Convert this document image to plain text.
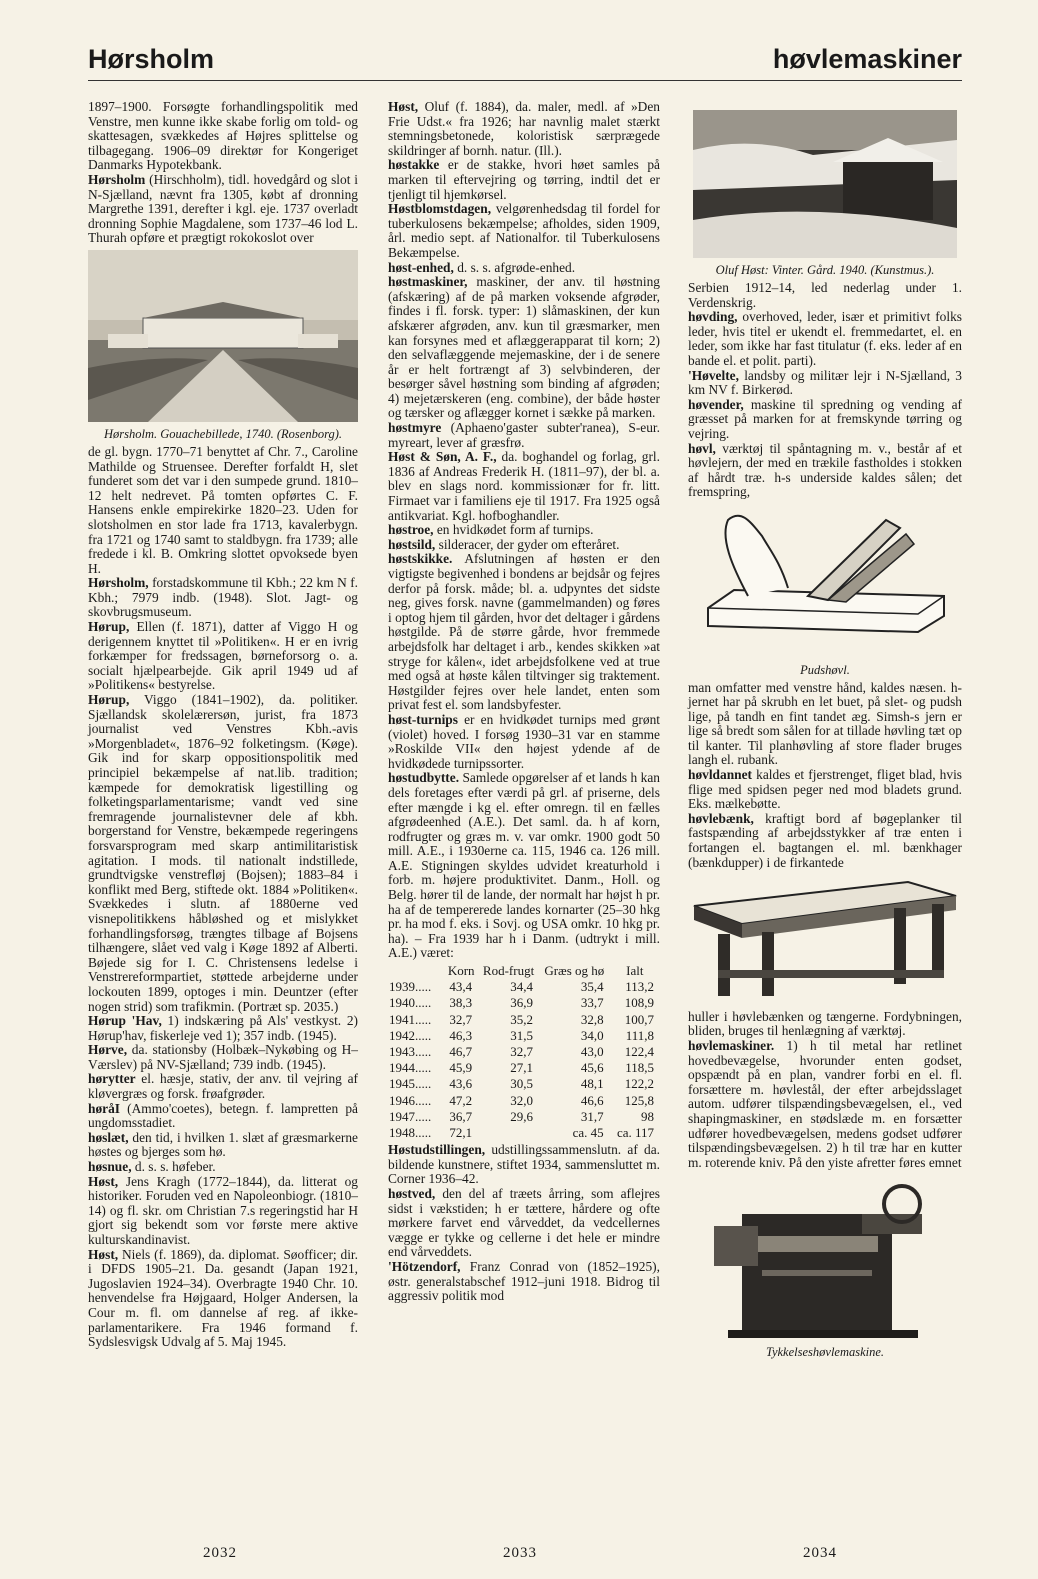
Hørsholm	høvlemaskiner

1897–1900. Forsøgte forhandlingspolitik med Venstre, men kunne ikke skabe forlig om told- og skattesagen, svækkedes af Højres splittelse og tilbagegang. 1906–09 direktør for Kongeriget Danmarks Hypotekbank.

Hørsholm (Hirschholm), tidl. hovedgård og slot i N-Sjælland, nævnt fra 1305, købt af dronning Margrethe 1391, derefter i kgl. eje. 1737 overladt dronning Sophie Magdalene, som 1737–46 lod L. Thurah opføre et prægtigt rokokoslot over

Hørsholm. Gouachebillede, 1740. (Rosenborg).

de gl. bygn. 1770–71 benyttet af Chr. 7., Caroline Mathilde og Struensee. Derefter forfaldt H, slet funderet som det var i den sumpede grund. 1810–12 helt nedrevet. På tomten opførtes C. F. Hansens enkle empirekirke 1820–23. Uden for slotsholmen en stor lade fra 1713, kavalerbygn. fra 1721 og 1740 samt to staldbygn. fra 1739; alle fredede i kl. B. Omkring slottet opvoksede byen H.

Hørsholm, forstadskommune til Kbh.; 22 km N f. Kbh.; 7979 indb. (1948). Slot. Jagt- og skovbrugsmuseum.

Hørup, Ellen (f. 1871), datter af Viggo H og derigennem knyttet til »Politiken«. H er en ivrig forkæmper for fredssagen, børneforsorg o. a. socialt hjælpearbejde. Gik april 1949 ud af »Politikens« bestyrelse.

Hørup, Viggo (1841–1902), da. politiker. Sjællandsk skolelærersøn, jurist, fra 1873 journalist ved Venstres Kbh.-avis »Morgenbladet«, 1876–92 folketingsm. (Køge). Gik ind for skarp oppositionspolitik med principiel bekæmpelse af nat.lib. tradition; kæmpede for demokratisk ligestilling og folketingsparlamentarisme; vandt ved sine fremragende journalistevner dele af kbh. borgerstand for Venstre, bekæmpede regeringens forsvarsprogram med skarp antimilitaristisk agitation. I mods. til nationalt indstillede, grundtvigske venstrefløj (Bojsen); 1883–84 i konflikt med Berg, stiftede okt. 1884 »Politiken«. Svækkedes i slutn. af 1880erne ved visnepolitikkens håbløshed og et mislykket forhandlingsforsøg, trængtes tilbage af Bojsens tilhængere, slået ved valg i Køge 1892 af Alberti. Bøjede sig for I. C. Christensens ledelse i Venstrereformpartiet, støttede arbejderne under lockouten 1899, optoges i min. Deuntzer (efter nogen strid) som trafikmin. (Portræt sp. 2035.)

Hørup 'Hav, 1) indskæring på Als' vestkyst. 2) Hørup'hav, fiskerleje ved 1); 357 indb. (1945).

Hørve, da. stationsby (Holbæk–Nykøbing og H–Værslev) på NV-Sjælland; 739 indb. (1945).

hørytter el. hæsje, stativ, der anv. til vejring af kløvergræs og forsk. frøafgrøder.

høråI (Ammo'coetes), betegn. f. lampretten på ungdomsstadiet.

høslæt, den tid, i hvilken 1. slæt af græsmarkerne høstes og bjerges som hø.

høsnue, d. s. s. høfeber.

Høst, Jens Kragh (1772–1844), da. litterat og historiker. Foruden ved en Napoleonbiogr. (1810–14) og fl. skr. om Christian 7.s regeringstid har H gjort sig bekendt som vor første mere aktive kulturskandinavist.

Høst, Niels (f. 1869), da. diplomat. Søofficer; dir. i DFDS 1905–21. Da. gesandt (Japan 1921, Jugoslavien 1924–34). Overbragte 1940 Chr. 10. henvendelse fra Højgaard, Holger Andersen, la Cour m. fl. om dannelse af reg. af ikke-parlamentarikere. Fra 1946 formand f. Sydslesvigsk Udvalg af 5. Maj 1945.

Høst, Oluf (f. 1884), da. maler, medl. af »Den Frie Udst.« fra 1926; har navnlig malet stærkt stemningsbetonede, koloristisk særprægede skildringer af bornh. natur. (Ill.).

høstakke er de stakke, hvori høet samles på marken til eftervejring og tørring, indtil det er tjenligt til hjemkørsel.

Høstblomstdagen, velgørenhedsdag til fordel for tuberkulosens bekæmpelse; afholdes, siden 1909, årl. medio sept. af Nationalfor. til Tuberkulosens Bekæmpelse.

høst-enhed, d. s. s. afgrøde-enhed.

høstmaskiner, maskiner, der anv. til høstning (afskæring) af de på marken voksende afgrøder, findes i fl. forsk. typer: 1) slåmaskinen, der kun afskærer afgrøden, anv. kun til græsmarker, men kan forsynes med et aflæggerapparat til korn; 2) den selvaflæggende mejemaskine, der i de senere år er helt fortrængt af 3) selvbinderen, der besørger såvel høstning som binding af afgrøden; 4) mejetærskeren (eng. combine), der både høster og tærsker og aflægger kornet i sække på marken.

høstmyre (Aphaeno'gaster subter'ranea), S-eur. myreart, lever af græsfrø.

Høst & Søn, A. F., da. boghandel og forlag, grl. 1836 af Andreas Frederik H. (1811–97), der bl. a. blev en slags nord. kommissionær for fr. litt. Firmaet var i familiens eje til 1917. Fra 1925 også antikvariat. Kgl. hofboghandler.

høstroe, en hvidkødet form af turnips.

høstsild, silderacer, der gyder om efteråret.

høstskikke. Afslutningen af høsten er den vigtigste begivenhed i bondens ar bejdsår og fejres derfor på forsk. måde; bl. a. udpyntes det sidste neg, gives forsk. navne (gammelmanden) og føres i optog hjem til gården, hvor det deltager i gårdens høstgilde. På de større gårde, hvor fremmede arbejdsfolk har deltaget i arb., kendes skikken »at stryge for kålen«, idet arbejdsfolkene ved at true med også at høste kålen tiltvinger sig traktement. Høstgilder fejres over hele landet, enten som privat fest el. som landsbyfester.

høst-turnips er en hvidkødet turnips med grønt (violet) hoved. I forsøg 1930–31 var en stamme »Roskilde VII« den højest ydende af de hvidkødede turnipssorter.

høstudbytte. Samlede opgørelser af et lands h kan dels foretages efter værdi på grl. af priserne, dels efter mængde i kg el. efter omregn. til en fælles afgrødeenhed (A.E.). Det saml. da. h af korn, rodfrugter og græs m. v. var omkr. 1900 godt 50 mill. A.E., i 1930erne ca. 115, 1946 ca. 126 mill. A.E. Stigningen skyldes udvidet kreaturhold i forb. m. højere produktivitet. Danm., Holl. og Belg. hører til de lande, der normalt har højst h pr. ha af de tempererede landes kornarter (25–30 hkg pr. ha mod f. eks. i Sovj. og USA omkr. 10 hkg pr. ha). – Fra 1939 har h i Danm. (udtrykt i mill. A.E.) været:

	Korn	Rod-frugt	Græs og hø	Ialt
1939.....	43,4	34,4	35,4	113,2
1940.....	38,3	36,9	33,7	108,9
1941.....	32,7	35,2	32,8	100,7
1942.....	46,3	31,5	34,0	111,8
1943.....	46,7	32,7	43,0	122,4
1944.....	45,9	27,1	45,6	118,5
1945.....	43,6	30,5	48,1	122,2
1946.....	47,2	32,0	46,6	125,8
1947.....	36,7	29,6	31,7	98
1948.....	72,1		ca. 45	ca. 117

Høstudstillingen, udstillingssammenslutn. af da. bildende kunstnere, stiftet 1934, sammensluttet m. Corner 1936–42.

høstved, den del af træets årring, som aflejres sidst i vækstiden; h er tættere, hårdere og ofte mørkere farvet end vårveddet, da vedcellernes vægge er tykke og cellerne i det hele er mindre end vårveddets.

'Hötzendorf, Franz Conrad von (1852–1925), østr. generalstabschef 1912–juni 1918. Bidrog til aggressiv politik mod

Oluf Høst: Vinter. Gård. 1940. (Kunstmus.).

Serbien 1912–14, led nederlag under 1. Verdenskrig.

høvding, overhoved, leder, især et primitivt folks leder, hvis titel er ukendt el. fremmedartet, el. en leder, som ikke har fast titulatur (f. eks. leder af en bande el. et polit. parti).

'Høvelte, landsby og militær lejr i N-Sjælland, 3 km NV f. Birkerød.

høvender, maskine til spredning og vending af græsset på marken for at fremskynde tørring og vejring.

høvl, værktøj til spåntagning m. v., består af et høvlejern, der med en trækile fastholdes i stokken af hårdt træ. h-s underside kaldes sålen; det fremspring,

Pudshøvl.

man omfatter med venstre hånd, kaldes næsen. h-jernet har på skrubh en let buet, på slet- og pudsh lige, på tandh en fint tandet æg. Simsh-s jern er lige så bredt som sålen for at tillade høvling tæt op til kanter. Til planhøvling af store flader bruges langh el. rubank.

høvldannet kaldes et fjerstrenget, fliget blad, hvis flige med spidsen peger ned mod bladets grund. Eks. mælkebøtte.

høvlebænk, kraftigt bord af bøgeplanker til fastspænding af arbejdsstykker af træ enten i fortangen el. bagtangen el. ml. bænkhager (bænkdupper) i de firkantede

huller i høvlebænken og tængerne. Fordybningen, bliden, bruges til henlægning af værktøj.

høvlemaskiner. 1) h til metal har retlinet hovedbevægelse, hvorunder enten godset, opspændt på en plan, vandrer forbi en el. fl. forsættere m. høvlestål, der efter arbejdsslaget autom. udfører tilspændingsbevægelsen, el., ved shapingmaskiner, en stødslæde m. en forsætter udfører hovedbevægelsen, medens godset udfører tilspændingsbevægelsen. 2) h til træ har en kutter m. roterende kniv. På den yiste afretter føres emnet

Tykkelseshøvlemaskine.
2032	2033	2034
